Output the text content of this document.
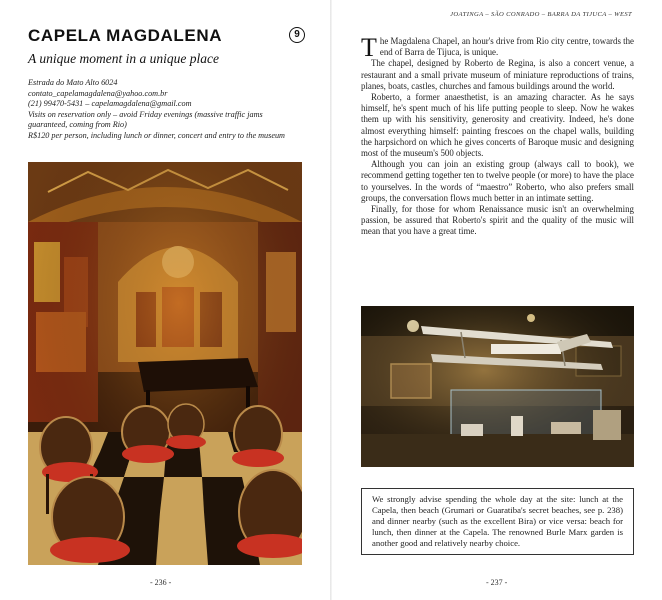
CAPELA MAGDALENA	9
A unique moment in a unique place
Estrada do Mato Alto 6024
contato_capelamagdalena@yahoo.com.br
(21) 99470-5431 – capelamagdalena@gmail.com
Visits on reservation only – avoid Friday evenings (massive traffic jams guaranteed, coming from Rio)
R$120 per person, including lunch or dinner, concert and entry to the museum
- 236 -
JOATINGA – SÃO CONRADO – BARRA DA TIJUCA – WEST

The Magdalena Chapel, an hour's drive from Rio city centre, towards the end of Barra de Tijuca, is unique.

The chapel, designed by Roberto de Regina, is also a concert venue, a restaurant and a small private museum of miniature reproductions of trains, planes, boats, castles, churches and famous buildings around the world.

Roberto, a former anaesthetist, is an amazing character. As he says himself, he's spent much of his life putting people to sleep. Now he wakes them up with his sensitivity, generosity and creativity. Indeed, he's done almost everything himself: painting frescoes on the chapel walls, building the harpsichord on which he gives concerts of Baroque music and designing most of the museum's 500 objects.

Although you can join an existing group (always call to book), we recommend getting together ten to twelve people (or more) to have the place to yourselves. In the words of “maestro” Roberto, who also prefers small groups, the conversation flows much better in an intimate setting.

Finally, for those for whom Renaissance music isn't an overwhelming passion, be assured that Roberto's spirit and the quality of the music will mean that you have a great time.

We strongly advise spending the whole day at the site: lunch at the Capela, then beach (Grumari or Guaratiba's secret beaches, see p. 238) and dinner nearby (such as the excellent Bira) or vice versa: beach for lunch, then dinner at the Capela. The renowned Burle Marx garden is another good and relatively nearby choice.
- 237 -
